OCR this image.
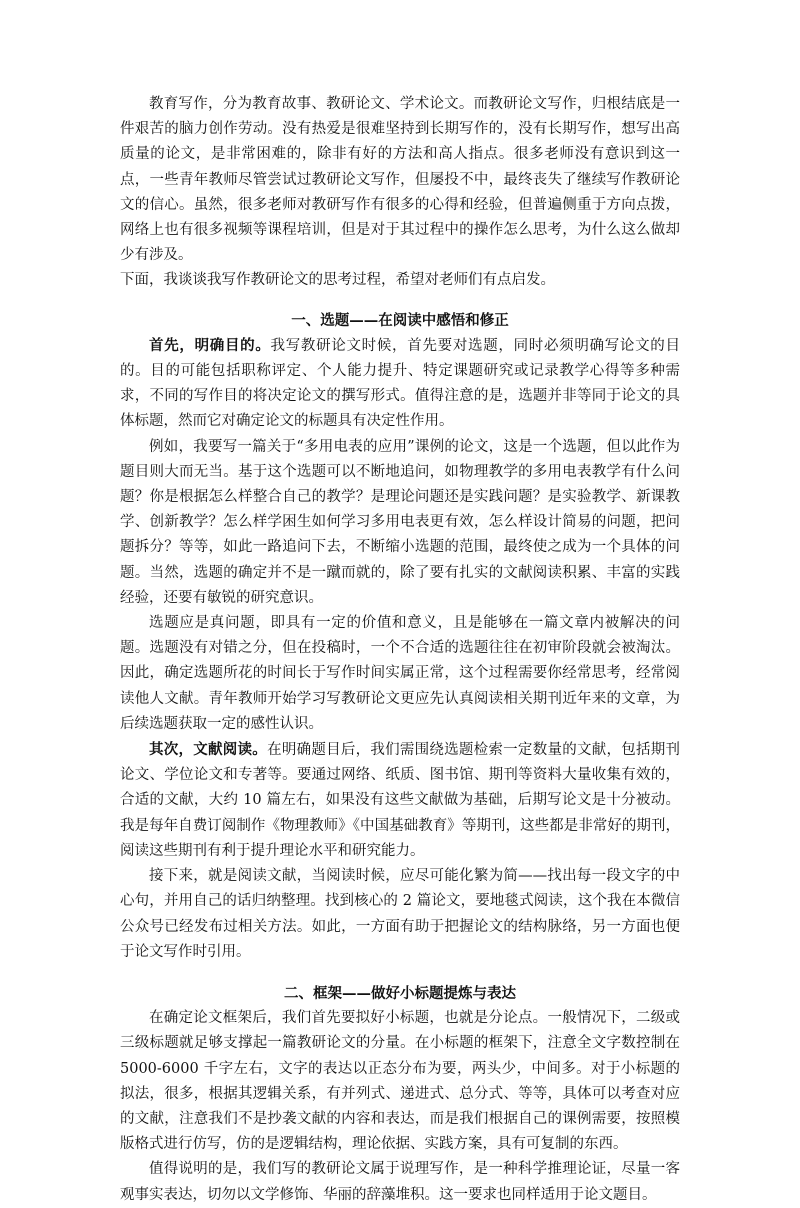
教育写作，分为教育故事、教研论文、学术论文。而教研论文写作，归根结底是一件艰苦的脑力创作劳动。没有热爱是很难坚持到长期写作的，没有长期写作，想写出高质量的论文，是非常困难的，除非有好的方法和高人指点。很多老师没有意识到这一点，一些青年教师尽管尝试过教研论文写作，但屡投不中，最终丧失了继续写作教研论文的信心。虽然，很多老师对教研写作有很多的心得和经验，但普遍侧重于方向点拨，网络上也有很多视频等课程培训，但是对于其过程中的操作怎么思考，为什么这么做却少有涉及。

下面，我谈谈我写作教研论文的思考过程，希望对老师们有点启发。

一、选题——在阅读中感悟和修正

首先，明确目的。我写教研论文时候，首先要对选题，同时必须明确写论文的目的。目的可能包括职称评定、个人能力提升、特定课题研究或记录教学心得等多种需求，不同的写作目的将决定论文的撰写形式。值得注意的是，选题并非等同于论文的具体标题，然而它对确定论文的标题具有决定性作用。

例如，我要写一篇关于“多用电表的应用”课例的论文，这是一个选题，但以此作为题目则大而无当。基于这个选题可以不断地追问，如物理教学的多用电表教学有什么问题？你是根据怎么样整合自己的教学？是理论问题还是实践问题？是实验教学、新课教学、创新教学？怎么样学困生如何学习多用电表更有效，怎么样设计简易的问题，把问题拆分？等等，如此一路追问下去，不断缩小选题的范围，最终使之成为一个具体的问题。当然，选题的确定并不是一蹴而就的，除了要有扎实的文献阅读积累、丰富的实践经验，还要有敏锐的研究意识。

选题应是真问题，即具有一定的价值和意义，且是能够在一篇文章内被解决的问题。选题没有对错之分，但在投稿时，一个不合适的选题往往在初审阶段就会被淘汰。因此，确定选题所花的时间长于写作时间实属正常，这个过程需要你经常思考，经常阅读他人文献。青年教师开始学习写教研论文更应先认真阅读相关期刊近年来的文章，为后续选题获取一定的感性认识。

其次，文献阅读。在明确题目后，我们需围绕选题检索一定数量的文献，包括期刊论文、学位论文和专著等。要通过网络、纸质、图书馆、期刊等资料大量收集有效的，合适的文献，大约 10 篇左右，如果没有这些文献做为基础，后期写论文是十分被动。我是每年自费订阅制作《物理教师》《中国基础教育》等期刊，这些都是非常好的期刊，阅读这些期刊有利于提升理论水平和研究能力。

接下来，就是阅读文献，当阅读时候，应尽可能化繁为简——找出每一段文字的中心句，并用自己的话归纳整理。找到核心的 2 篇论文，要地毯式阅读，这个我在本微信公众号已经发布过相关方法。如此，一方面有助于把握论文的结构脉络，另一方面也便于论文写作时引用。

二、框架——做好小标题提炼与表达

在确定论文框架后，我们首先要拟好小标题，也就是分论点。一般情况下，二级或三级标题就足够支撑起一篇教研论文的分量。在小标题的框架下，注意全文字数控制在 5000-6000 千字左右，文字的表达以正态分布为要，两头少，中间多。对于小标题的拟法，很多，根据其逻辑关系，有并列式、递进式、总分式、等等，具体可以考查对应的文献，注意我们不是抄袭文献的内容和表达，而是我们根据自己的课例需要，按照模版格式进行仿写，仿的是逻辑结构，理论依据、实践方案，具有可复制的东西。

值得说明的是，我们写的教研论文属于说理写作，是一种科学推理论证，尽量一客观事实表达，切勿以文学修饰、华丽的辞藻堆积。这一要求也同样适用于论文题目。
